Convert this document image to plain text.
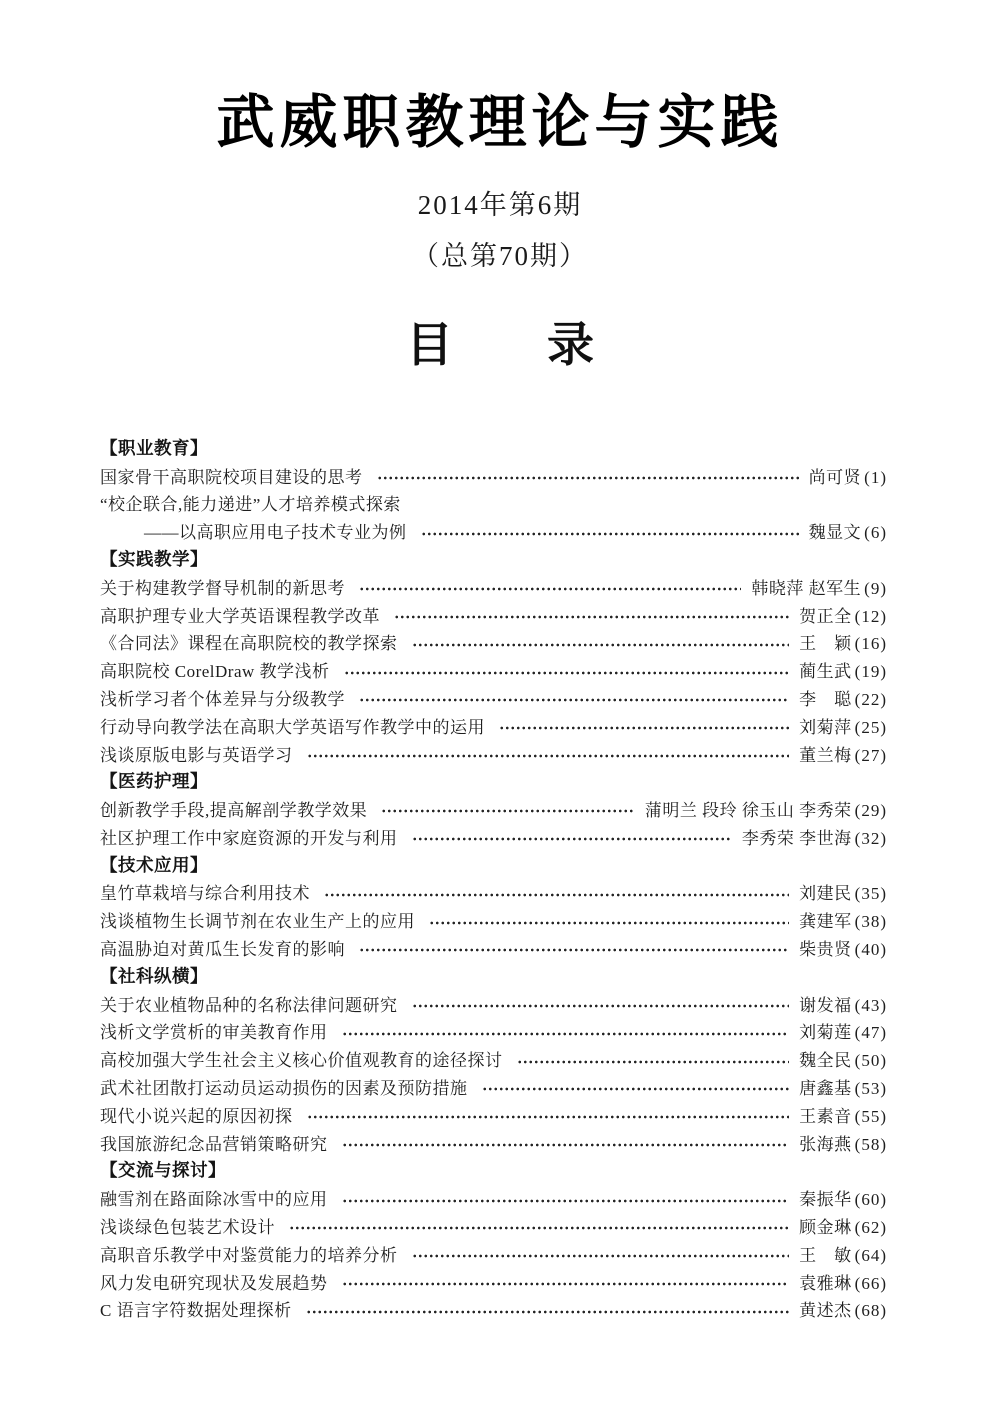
武威职教理论与实践

2014年第6期

（总第70期）

目　　录
【职业教育】
国家骨干高职院校项目建设的思考	尚可贤 (1)
“校企联合,能力递进”人才培养模式探索
——以高职应用电子技术专业为例	魏显文 (6)
【实践教学】
关于构建教学督导机制的新思考	韩晓萍 赵军生 (9)
高职护理专业大学英语课程教学改革	贺正全 (12)
《合同法》课程在高职院校的教学探索	王　颖 (16)
高职院校 CorelDraw 教学浅析	蔺生武 (19)
浅析学习者个体差异与分级教学	李　聪 (22)
行动导向教学法在高职大学英语写作教学中的运用	刘菊萍 (25)
浅谈原版电影与英语学习	董兰梅 (27)
【医药护理】
创新教学手段,提高解剖学教学效果	蒲明兰 段玲 徐玉山 李秀荣 (29)
社区护理工作中家庭资源的开发与利用	李秀荣 李世海 (32)
【技术应用】
皇竹草栽培与综合利用技术	刘建民 (35)
浅谈植物生长调节剂在农业生产上的应用	龚建军 (38)
高温胁迫对黄瓜生长发育的影响	柴贵贤 (40)
【社科纵横】
关于农业植物品种的名称法律问题研究	谢发福 (43)
浅析文学赏析的审美教育作用	刘菊莲 (47)
高校加强大学生社会主义核心价值观教育的途径探讨	魏全民 (50)
武术社团散打运动员运动损伤的因素及预防措施	唐鑫基 (53)
现代小说兴起的原因初探	王素音 (55)
我国旅游纪念品营销策略研究	张海燕 (58)
【交流与探讨】
融雪剂在路面除冰雪中的应用	秦振华 (60)
浅谈绿色包装艺术设计	顾金琳 (62)
高职音乐教学中对鉴赏能力的培养分析	王　敏 (64)
风力发电研究现状及发展趋势	袁雅琳 (66)
C 语言字符数据处理探析	黄述杰 (68)
